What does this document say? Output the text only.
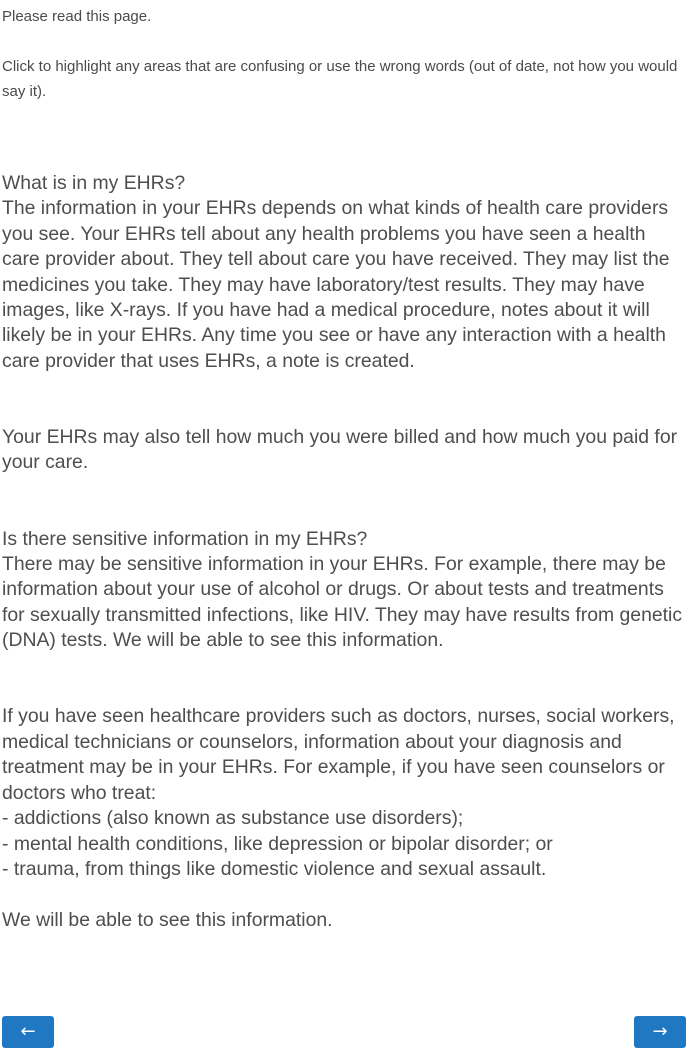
Please read this page.

Click to highlight any areas that are confusing or use the wrong words (out of date, not how you would say it).

What is in my EHRs?
The information in your EHRs depends on what kinds of health care providers
you see. Your EHRs tell about any health problems you have seen a health
care provider about. They tell about care you have received. They may list the
medicines you take. They may have laboratory/test results. They may have
images, like X-rays. If you have had a medical procedure, notes about it will
likely be in your EHRs. Any time you see or have any interaction with a health
care provider that uses EHRs, a note is created.
Your EHRs may also tell how much you were billed and how much you paid for
your care.
Is there sensitive information in my EHRs?
There may be sensitive information in your EHRs. For example, there may be
information about your use of alcohol or drugs. Or about tests and treatments
for sexually transmitted infections, like HIV. They may have results from genetic
(DNA) tests. We will be able to see this information.
If you have seen healthcare providers such as doctors, nurses, social workers,
medical technicians or counselors, information about your diagnosis and
treatment may be in your EHRs. For example, if you have seen counselors or
doctors who treat:
- addictions (also known as substance use disorders);
- mental health conditions, like depression or bipolar disorder; or
- trauma, from things like domestic violence and sexual assault.
We will be able to see this information.
←	→
